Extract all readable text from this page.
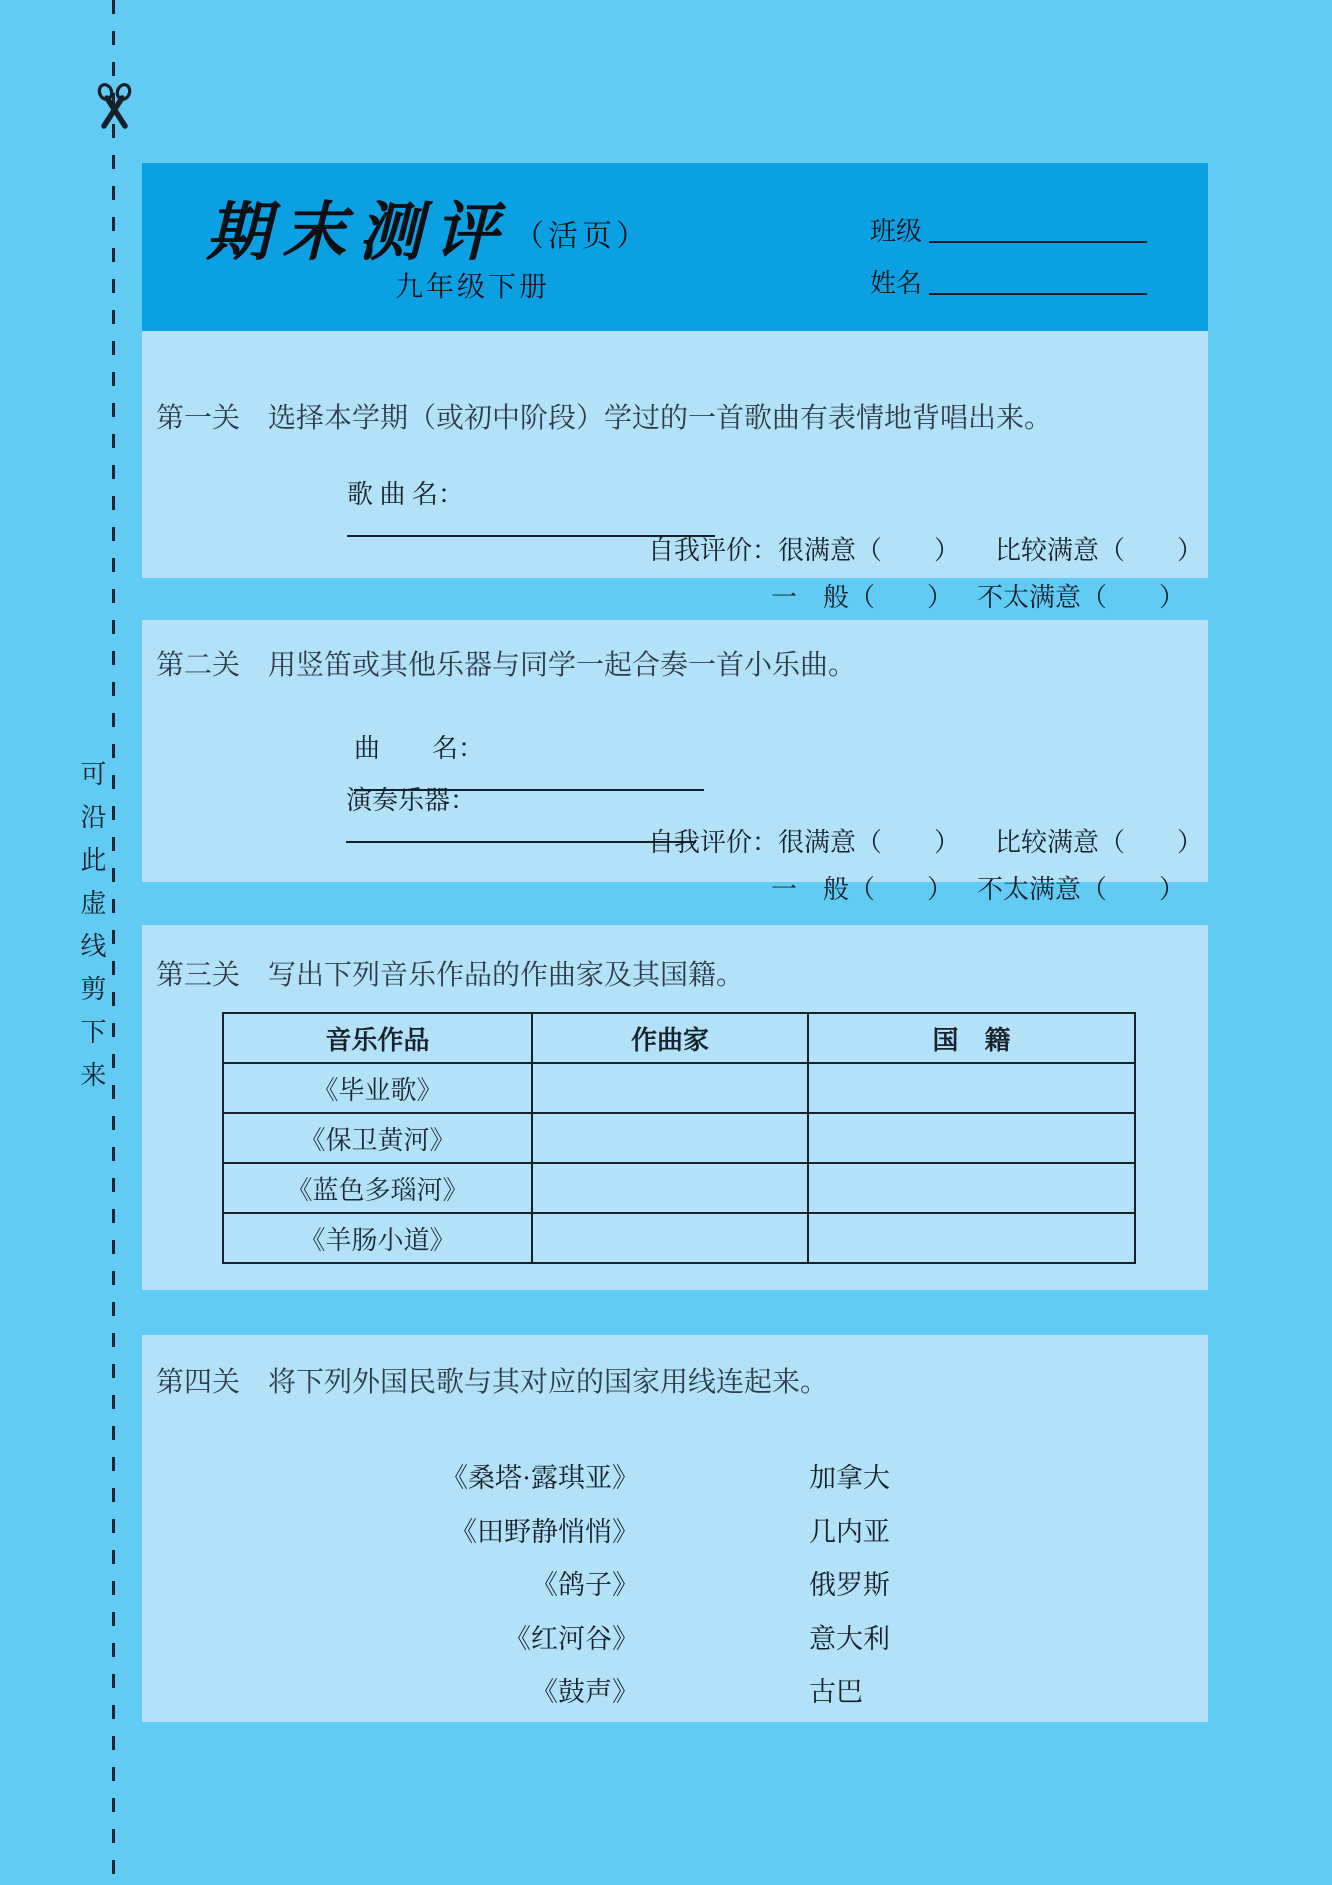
可沿此虚线剪下来
期末测评 （活页）
九年级下册
班级
姓名
第一关 选择本学期（或初中阶段）学过的一首歌曲有表情地背唱出来。

歌 曲 名：

自我评价：很满意（　　） 比较满意（　　）

一　般（　　） 不太满意（　　）

第二关 用竖笛或其他乐器与同学一起合奏一首小乐曲。

曲　　名：

演奏乐器：

自我评价：很满意（　　） 比较满意（　　）

一　般（　　） 不太满意（　　）

第三关 写出下列音乐作品的作曲家及其国籍。
音乐作品	作曲家	国　籍
《毕业歌》		
《保卫黄河》		
《蓝色多瑙河》		
《羊肠小道》		
第四关 将下列外国民歌与其对应的国家用线连起来。
《桑塔·露琪亚》	加拿大
《田野静悄悄》	几内亚
《鸽子》	俄罗斯
《红河谷》	意大利
《鼓声》	古巴
